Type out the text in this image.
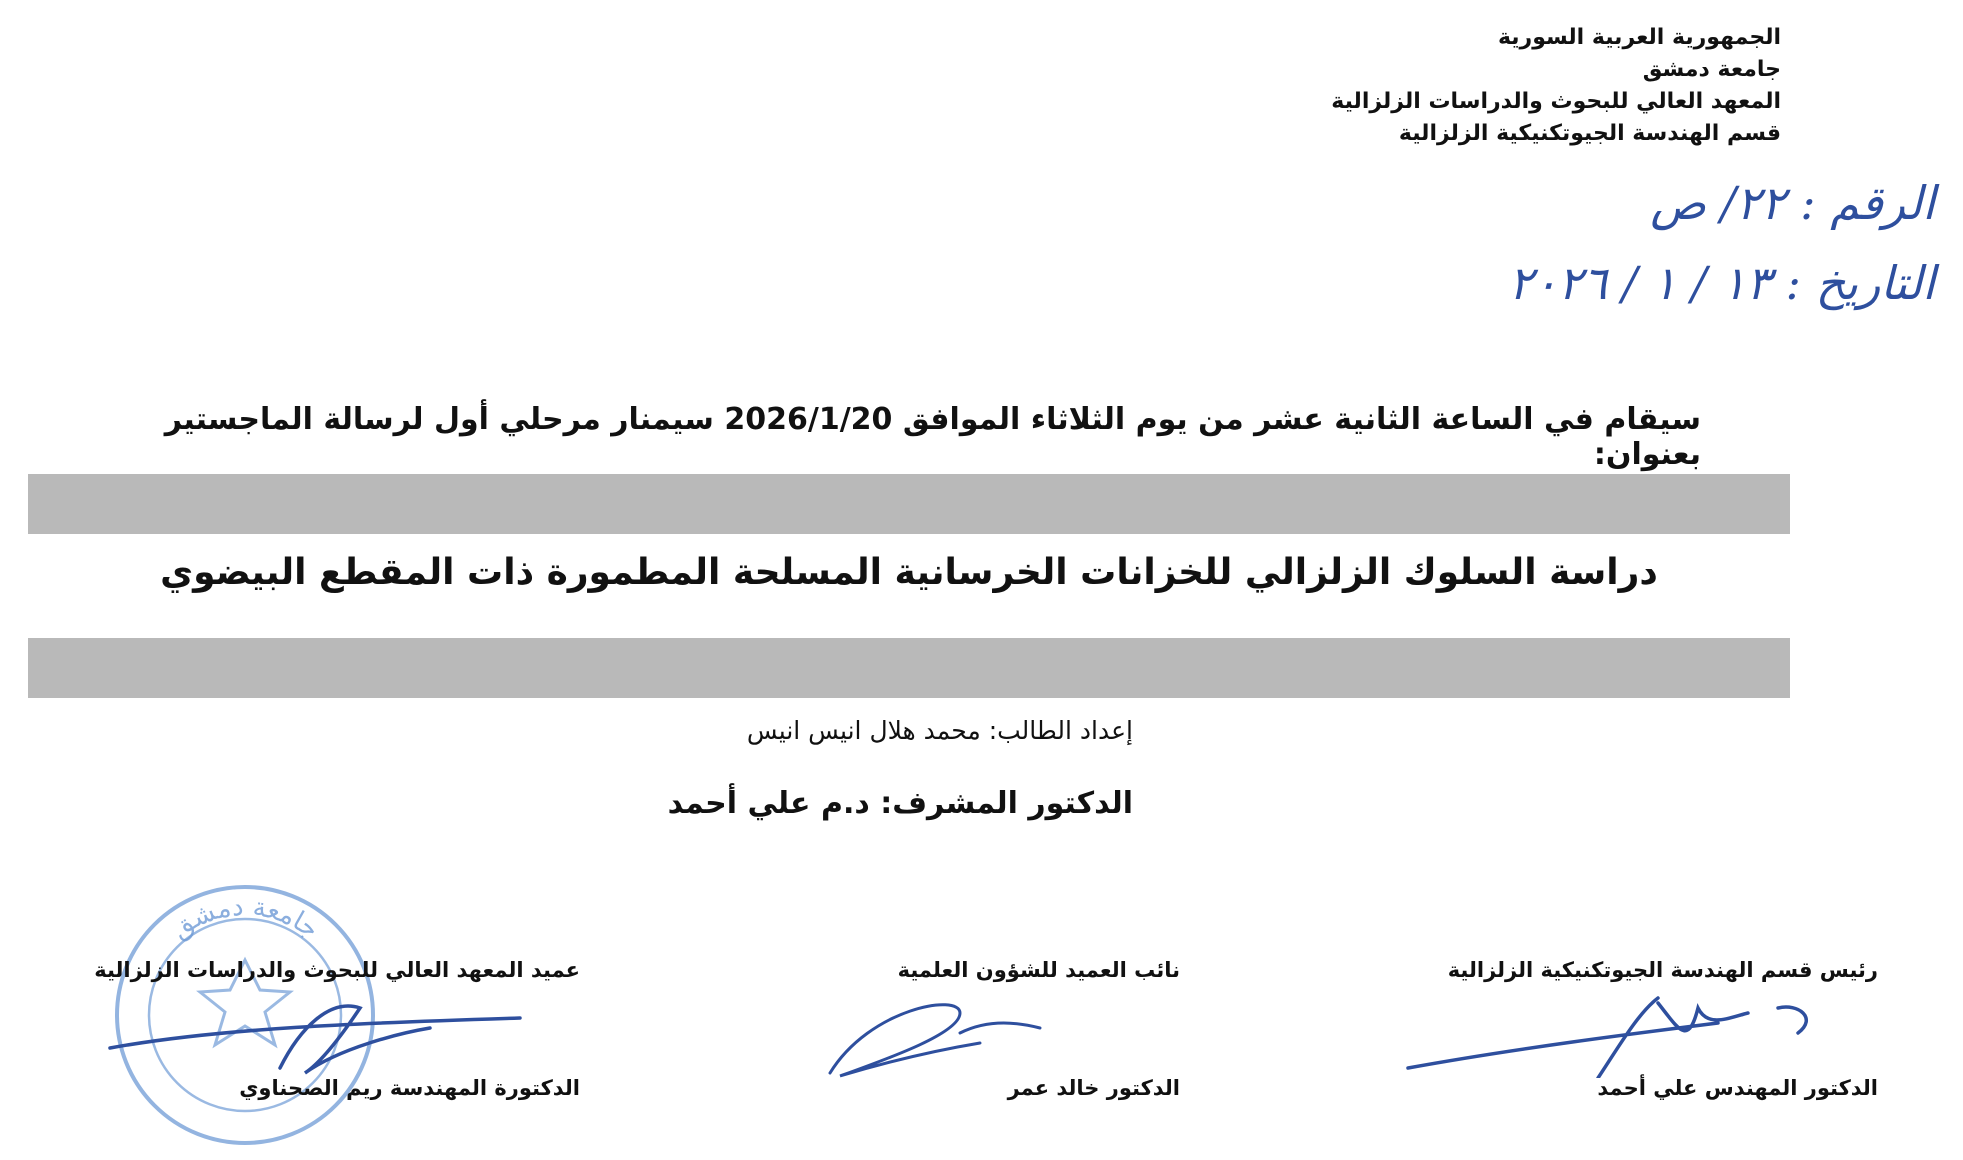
الجمهورية العربية السورية
جامعة دمشق
المعهد العالي للبحوث والدراسات الزلزالية
قسم الهندسة الجيوتكنيكية الزلزالية
الرقم : ٢٢/ ص
التاريخ : ١٣ / ١ / ٢٠٢٦
سيقام في الساعة الثانية عشر من يوم الثلاثاء الموافق 2026/1/20 سيمنار مرحلي أول لرسالة الماجستير بعنوان:
دراسة السلوك الزلزالي للخزانات الخرسانية المسلحة المطمورة ذات المقطع البيضوي
إعداد الطالب: محمد هلال انيس انيس
الدكتور المشرف: د.م علي أحمد
جامعة دمشق
عميد المعهد العالي للبحوث والدراسات الزلزالية
الدكتورة المهندسة ريم الصحناوي
نائب العميد للشؤون العلمية
الدكتور خالد عمر
رئيس قسم الهندسة الجيوتكنيكية الزلزالية
الدكتور المهندس علي أحمد
